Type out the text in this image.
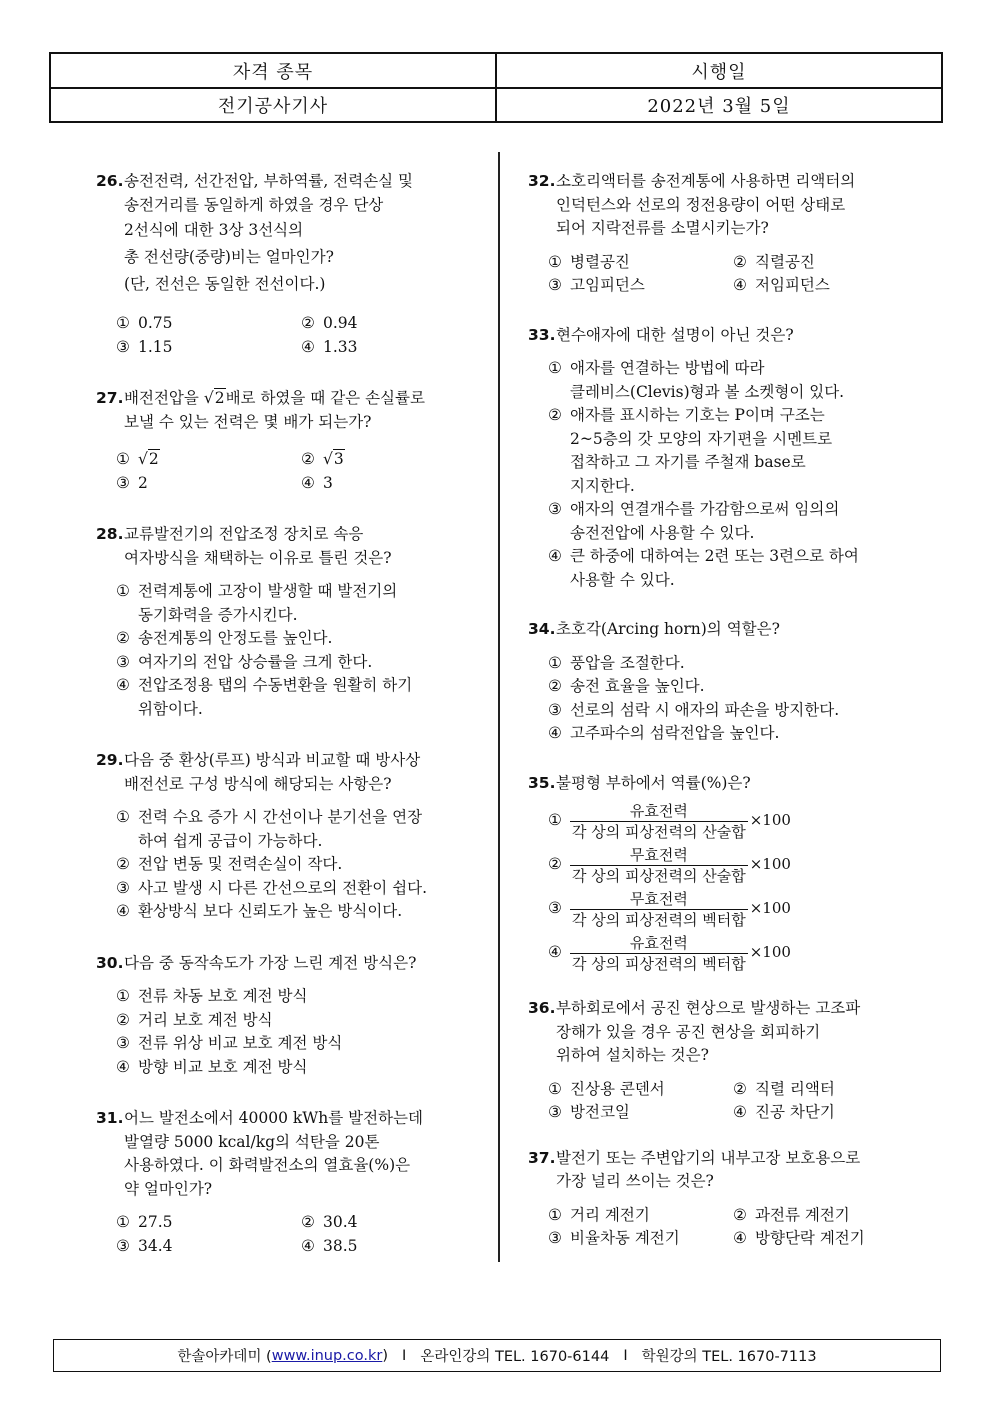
자격 종목	시행일
전기공사기사	2022년 3월 5일
26. 송전전력, 선간전압, 부하역률, 전력손실 및
송전거리를 동일하게 하였을 경우 단상
2선식에 대한 3상 3선식의
총 전선량(중량)비는 얼마인가?
(단, 전선은 동일한 전선이다.)
① 0.75	② 0.94
③ 1.15	④ 1.33
27. 배전전압을 √2배로 하였을 때 같은 손실률로
보낼 수 있는 전력은 몇 배가 되는가?
① √2	② √3
③ 2	④ 3
28. 교류발전기의 전압조정 장치로 속응
여자방식을 채택하는 이유로 틀린 것은?
① 전력계통에 고장이 발생할 때 발전기의
동기화력을 증가시킨다.
② 송전계통의 안정도를 높인다.
③ 여자기의 전압 상승률을 크게 한다.
④ 전압조정용 탭의 수동변환을 원활히 하기
위함이다.
29. 다음 중 환상(루프) 방식과 비교할 때 방사상
배전선로 구성 방식에 해당되는 사항은?
① 전력 수요 증가 시 간선이나 분기선을 연장
하여 쉽게 공급이 가능하다.
② 전압 변동 및 전력손실이 작다.
③ 사고 발생 시 다른 간선으로의 전환이 쉽다.
④ 환상방식 보다 신뢰도가 높은 방식이다.
30. 다음 중 동작속도가 가장 느린 계전 방식은?
① 전류 차동 보호 계전 방식
② 거리 보호 계전 방식
③ 전류 위상 비교 보호 계전 방식
④ 방향 비교 보호 계전 방식
31. 어느 발전소에서 40000 kWh를 발전하는데
발열량 5000 kcal/kg의 석탄을 20톤
사용하였다. 이 화력발전소의 열효율(%)은
약 얼마인가?
① 27.5	② 30.4
③ 34.4	④ 38.5
32. 소호리액터를 송전계통에 사용하면 리액터의
인덕턴스와 선로의 정전용량이 어떤 상태로
되어 지락전류를 소멸시키는가?
① 병렬공진	② 직렬공진
③ 고임피던스	④ 저임피던스
33. 현수애자에 대한 설명이 아닌 것은?
① 애자를 연결하는 방법에 따라
클레비스(Clevis)형과 볼 소켓형이 있다.
② 애자를 표시하는 기호는 P이며 구조는
2~5층의 갓 모양의 자기편을 시멘트로
접착하고 그 자기를 주철재 base로
지지한다.
③ 애자의 연결개수를 가감함으로써 임의의
송전전압에 사용할 수 있다.
④ 큰 하중에 대하여는 2련 또는 3련으로 하여
사용할 수 있다.
34. 초호각(Arcing horn)의 역할은?
① 풍압을 조절한다.
② 송전 효율을 높인다.
③ 선로의 섬락 시 애자의 파손을 방지한다.
④ 고주파수의 섬락전압을 높인다.
35. 불평형 부하에서 역률(%)은?
① $\frac{\text{유효전력}}{\text{각 상의 피상전력의 산술합}} \times 100$
② $\frac{\text{무효전력}}{\text{각 상의 피상전력의 산술합}} \times 100$
③ $\frac{\text{무효전력}}{\text{각 상의 피상전력의 벡터합}} \times 100$
④ $\frac{\text{유효전력}}{\text{각 상의 피상전력의 벡터합}} \times 100$
36. 부하회로에서 공진 현상으로 발생하는 고조파
장해가 있을 경우 공진 현상을 회피하기
위하여 설치하는 것은?
① 진상용 콘덴서	② 직렬 리액터
③ 방전코일	④ 진공 차단기
37. 발전기 또는 주변압기의 내부고장 보호용으로
가장 널리 쓰이는 것은?
① 거리 계전기	② 과전류 계전기
③ 비율차동 계전기	④ 방향단락 계전기
한솔아카데미 ( www.inup.co.kr ) I 온라인강의 TEL. 1670-6144 I 학원강의 TEL. 1670-7113
